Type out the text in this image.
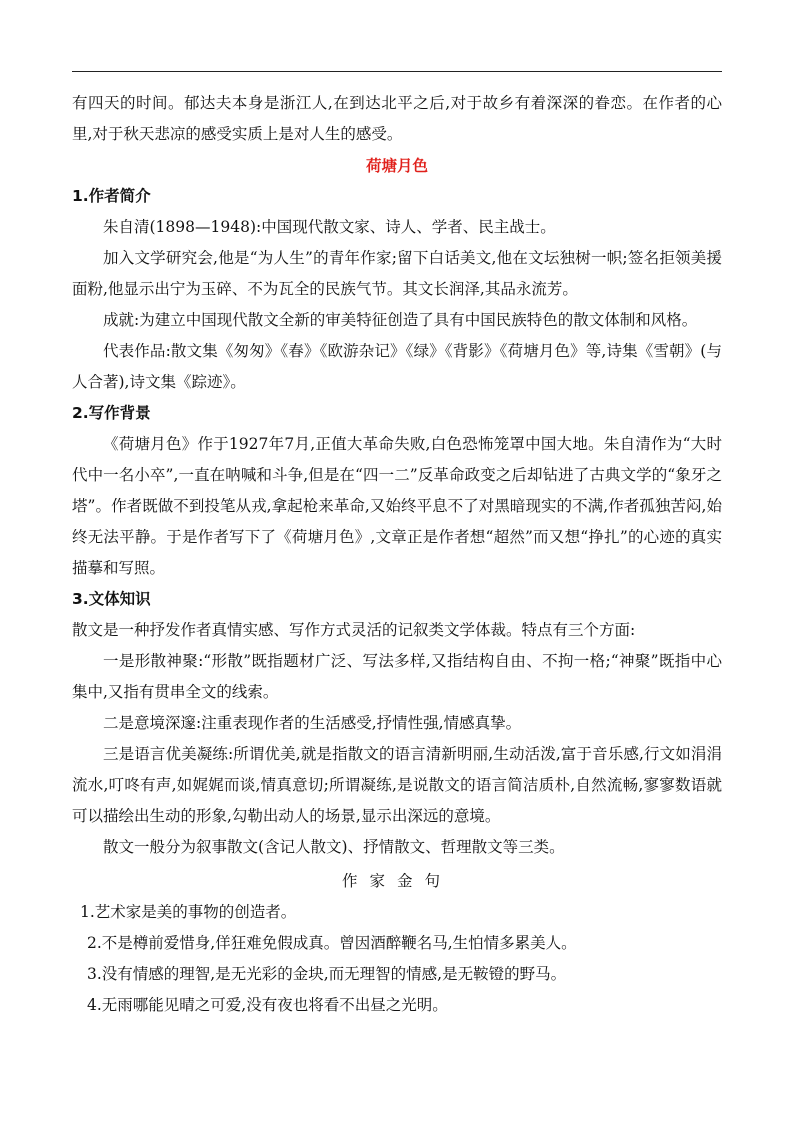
有四天的时间。郁达夫本身是浙江人,在到达北平之后,对于故乡有着深深的眷恋。在作者的心里,对于秋天悲凉的感受实质上是对人生的感受。

荷塘月色
1.作者简介

朱自清(1898—1948):中国现代散文家、诗人、学者、民主战士。

加入文学研究会,他是“为人生”的青年作家;留下白话美文,他在文坛独树一帜;签名拒领美援面粉,他显示出宁为玉碎、不为瓦全的民族气节。其文长润泽,其品永流芳。

成就:为建立中国现代散文全新的审美特征创造了具有中国民族特色的散文体制和风格。

代表作品:散文集《匆匆》《春》《欧游杂记》《绿》《背影》《荷塘月色》等,诗集《雪朝》(与人合著),诗文集《踪迹》。

2.写作背景

《荷塘月色》作于1927年7月,正值大革命失败,白色恐怖笼罩中国大地。朱自清作为“大时代中一名小卒”,一直在呐喊和斗争,但是在“四一二”反革命政变之后却钻进了古典文学的“象牙之塔”。作者既做不到投笔从戎,拿起枪来革命,又始终平息不了对黑暗现实的不满,作者孤独苦闷,始终无法平静。于是作者写下了《荷塘月色》,文章正是作者想“超然”而又想“挣扎”的心迹的真实描摹和写照。

3.文体知识

散文是一种抒发作者真情实感、写作方式灵活的记叙类文学体裁。特点有三个方面:

一是形散神聚:“形散”既指题材广泛、写法多样,又指结构自由、不拘一格;“神聚”既指中心集中,又指有贯串全文的线索。

二是意境深邃:注重表现作者的生活感受,抒情性强,情感真挚。

三是语言优美凝练:所谓优美,就是指散文的语言清新明丽,生动活泼,富于音乐感,行文如涓涓流水,叮咚有声,如娓娓而谈,情真意切;所谓凝练,是说散文的语言简洁质朴,自然流畅,寥寥数语就可以描绘出生动的形象,勾勒出动人的场景,显示出深远的意境。

散文一般分为叙事散文(含记人散文)、抒情散文、哲理散文等三类。

作家金句
1.艺术家是美的事物的创造者。
2.不是樽前爱惜身,佯狂难免假成真。曾因酒醉鞭名马,生怕情多累美人。
3.没有情感的理智,是无光彩的金块,而无理智的情感,是无鞍镫的野马。
4.无雨哪能见晴之可爱,没有夜也将看不出昼之光明。
